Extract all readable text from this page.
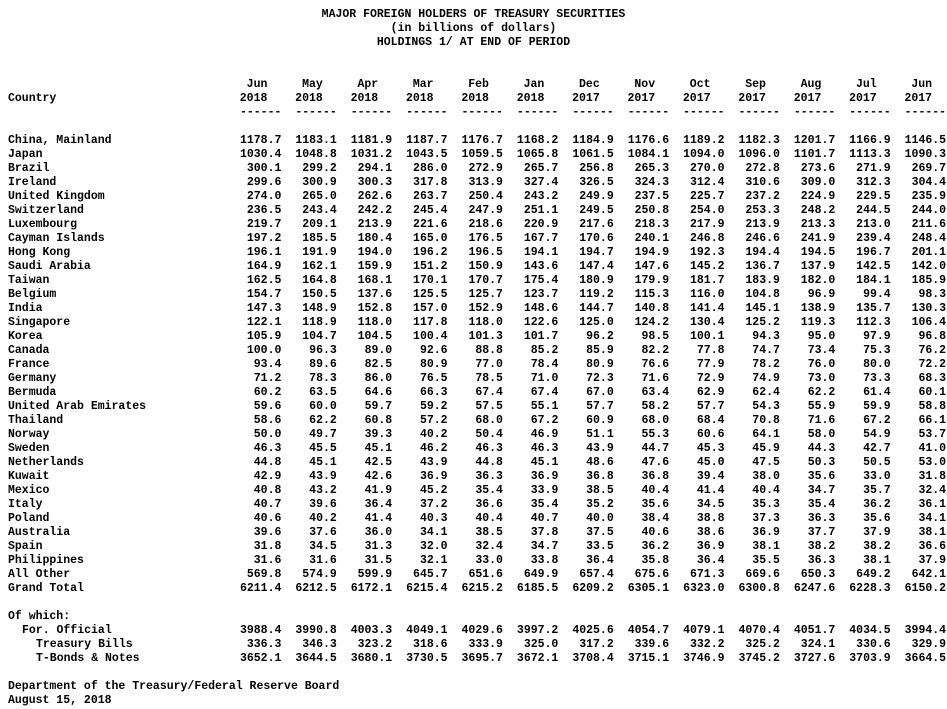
MAJOR FOREIGN HOLDERS OF TREASURY SECURITIES
(in billions of dollars)
HOLDINGS 1/ AT END OF PERIOD
	Jun	May	Apr	Mar	Feb	Jan	Dec	Nov	Oct	Sep	Aug	Jul	Jun
Country	2018	2018	2018	2018	2018	2018	2017	2017	2017	2017	2017	2017	2017
	------	------	------	------	------	------	------	------	------	------	------	------	------

China, Mainland	1178.7	1183.1	1181.9	1187.7	1176.7	1168.2	1184.9	1176.6	1189.2	1182.3	1201.7	1166.9	1146.5
Japan	1030.4	1048.8	1031.2	1043.5	1059.5	1065.8	1061.5	1084.1	1094.0	1096.0	1101.7	1113.3	1090.3
Brazil	300.1	299.2	294.1	286.0	272.9	265.7	256.8	265.3	270.0	272.8	273.6	271.9	269.7
Ireland	299.6	300.9	300.3	317.8	313.9	327.4	326.5	324.3	312.4	310.6	309.0	312.3	304.4
United Kingdom	274.0	265.0	262.6	263.7	250.4	243.2	249.9	237.5	225.7	237.2	224.9	229.5	235.9
Switzerland	236.5	243.4	242.2	245.4	247.9	251.1	249.5	250.8	254.0	253.3	248.2	244.5	244.0
Luxembourg	219.7	209.1	213.9	221.6	218.6	220.9	217.6	218.3	217.9	213.9	213.3	213.0	211.6
Cayman Islands	197.2	185.5	180.4	165.0	176.5	167.7	170.6	240.1	246.8	246.6	241.9	239.4	248.4
Hong Kong	196.1	191.9	194.0	196.2	196.5	194.1	194.7	194.9	192.3	194.4	194.5	196.7	201.1
Saudi Arabia	164.9	162.1	159.9	151.2	150.9	143.6	147.4	147.6	145.2	136.7	137.9	142.5	142.0
Taiwan	162.5	164.8	168.1	170.1	170.7	175.4	180.9	179.9	181.7	183.9	182.0	184.1	185.9
Belgium	154.7	150.5	137.6	125.5	125.7	123.7	119.2	115.3	116.0	104.8	96.9	99.4	98.3
India	147.3	148.9	152.8	157.0	152.9	148.6	144.7	140.8	141.4	145.1	138.9	135.7	130.3
Singapore	122.1	118.9	118.0	117.8	118.0	122.6	125.0	124.2	130.4	125.2	119.3	112.3	106.4
Korea	105.9	104.7	104.5	100.4	101.3	101.7	96.2	98.5	100.1	94.3	95.0	97.9	96.8
Canada	100.0	96.3	89.0	92.6	88.8	85.2	85.9	82.2	77.8	74.7	73.4	75.3	76.2
France	93.4	89.6	82.5	80.9	77.0	78.4	80.9	76.6	77.9	78.2	76.0	80.0	72.2
Germany	71.2	78.3	86.0	76.5	78.5	71.0	72.3	71.6	72.9	74.9	73.0	73.3	68.3
Bermuda	60.2	63.5	64.6	66.3	67.4	67.4	67.0	63.4	62.9	62.4	62.2	61.4	60.1
United Arab Emirates	59.6	60.0	59.7	59.2	57.5	55.1	57.7	58.2	57.7	54.3	55.9	59.9	58.8
Thailand	58.6	62.2	60.8	57.2	68.0	67.2	60.9	68.0	68.4	70.8	71.6	67.2	66.1
Norway	50.0	49.7	39.3	40.2	50.4	46.9	51.1	55.3	60.6	64.1	58.0	54.9	53.7
Sweden	46.3	45.5	45.1	46.2	46.3	46.3	43.9	44.7	45.3	45.9	44.3	42.7	41.0
Netherlands	44.8	45.1	42.5	43.9	44.8	45.1	48.6	47.6	45.0	47.5	50.3	50.5	53.0
Kuwait	42.9	43.9	42.6	36.9	36.3	36.9	36.8	36.8	39.4	38.0	35.6	33.0	31.8
Mexico	40.8	43.2	41.9	45.2	35.4	33.9	38.5	40.4	41.4	40.4	34.7	35.7	32.4
Italy	40.7	39.6	36.4	37.2	36.6	35.4	35.2	35.6	34.5	35.3	35.4	36.2	36.1
Poland	40.6	40.2	41.4	40.3	40.4	40.7	40.0	38.4	38.8	37.3	36.3	35.6	34.1
Australia	39.6	37.6	36.0	34.1	38.5	37.8	37.5	40.6	38.6	36.9	37.7	37.9	38.1
Spain	31.8	34.5	31.3	32.0	32.4	34.7	33.5	36.2	36.9	38.1	38.2	38.2	36.6
Philippines	31.6	31.6	31.5	32.1	33.0	33.8	36.4	35.8	36.4	35.5	36.3	38.1	37.9
All Other	569.8	574.9	599.9	645.7	651.6	649.9	657.4	675.6	671.3	669.6	650.3	649.2	642.1
Grand Total	6211.4	6212.5	6172.1	6215.4	6215.2	6185.5	6209.2	6305.1	6323.0	6300.8	6247.6	6228.3	6150.2

Of which:													
For. Official	3988.4	3990.8	4003.3	4049.1	4029.6	3997.2	4025.6	4054.7	4079.1	4070.4	4051.7	4034.5	3994.4
Treasury Bills	336.3	346.3	323.2	318.6	333.9	325.0	317.2	339.6	332.2	325.2	324.1	330.6	329.9
T-Bonds & Notes	3652.1	3644.5	3680.1	3730.5	3695.7	3672.1	3708.4	3715.1	3746.9	3745.2	3727.6	3703.9	3664.5
Department of the Treasury/Federal Reserve Board
August 15, 2018
